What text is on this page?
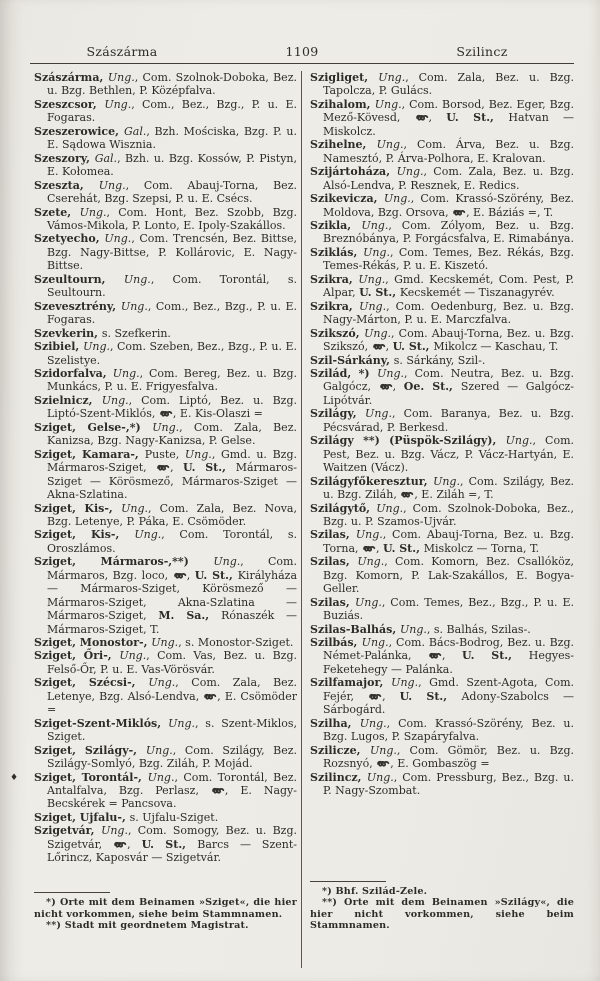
Szászárma	1109	Szilincz

Szászárma, Ung., Com. Szolnok-Doboka, Bez. u. Bzg. Bethlen, P. Középfalva.

Szeszcsor, Ung., Com., Bez., Bzg., P. u. E. Fogaras.

Szeszerowice, Gal., Bzh. Mościska, Bzg. P. u. E. Sądowa Wisznia.

Szeszory, Gal., Bzh. u. Bzg. Kossów, P. Pistyn, E. Kołomea.

Szeszta, Ung., Com. Abauj-Torna, Bez. Cserehát, Bzg. Szepsi, P. u. E. Csécs.

Szete, Ung., Com. Hont, Bez. Szobb, Bzg. Vámos-Mikola, P. Lonto, E. Ipoly-Szakállos.

Szetyecho, Ung., Com. Trencsén, Bez. Bittse, Bzg. Nagy-Bittse, P. Kollárovic, E. Nagy-Bittse.

Szeultourn, Ung., Com. Torontál, s. Seultourn.

Szevesztrény, Ung., Com., Bez., Bzg., P. u. E. Fogaras.

Szevkerin, s. Szefkerin.

Szibiel, Ung., Com. Szeben, Bez., Bzg., P. u. E. Szelistye.

Szidorfalva, Ung., Com. Bereg, Bez. u. Bzg. Munkács, P. u. E. Frigyesfalva.

Szielnicz, Ung., Com. Liptó, Bez. u. Bzg. Liptó-Szent-Miklós, , E. Kis-Olaszi =

Sziget, Gelse-,*) Ung., Com. Zala, Bez. Kanizsa, Bzg. Nagy-Kanizsa, P. Gelse.

Sziget, Kamara-, Puste, Ung., Gmd. u. Bzg. Mármaros-Sziget, , U. St., Mármaros-Sziget — Körösmező, Mármaros-Sziget — Akna-Szlatina.

Sziget, Kis-, Ung., Com. Zala, Bez. Nova, Bzg. Letenye, P. Páka, E. Csömöder.

Sziget, Kis-, Ung., Com. Torontál, s. Oroszlámos.

Sziget, Mármaros-,**) Ung., Com. Mármaros, Bzg. loco, , U. St., Királyháza — Mármaros-Sziget, Körösmező — Mármaros-Sziget, Akna-Szlatina — Mármaros-Sziget, M. Sa., Rónaszék — Mármaros-Sziget, T.

Sziget, Monostor-, Ung., s. Monostor-Sziget.

Sziget, Őri-, Ung., Com. Vas, Bez. u. Bzg. Felső-Őr, P. u. E. Vas-Vörösvár.

Sziget, Szécsi-, Ung., Com. Zala, Bez. Letenye, Bzg. Alsó-Lendva, , E. Csömöder =

Sziget-Szent-Miklós, Ung., s. Szent-Miklos, Sziget.

Sziget, Szilágy-, Ung., Com. Szilágy, Bez. Szilágy-Somlyó, Bzg. Ziláh, P. Mojád.

♦ Sziget, Torontál-, Ung., Com. Torontál, Bez. Antalfalva, Bzg. Perlasz, , E. Nagy-Becskérek = Pancsova.

Sziget, Ujfalu-, s. Ujfalu-Sziget.

Szigetvár, Ung., Com. Somogy, Bez. u. Bzg. Szigetvár, , U. St., Barcs — Szent-Lőrincz, Kaposvár — Szigetvár.

*) Orte mit dem Beinamen »Sziget«, die hier nicht vorkommen, siehe beim Stammnamen.

**) Stadt mit geordnetem Magistrat.

Szigliget, Ung., Com. Zala, Bez. u. Bzg. Tapolcza, P. Gulács.

Szihalom, Ung., Com. Borsod, Bez. Eger, Bzg. Mező-Kövesd, , U. St., Hatvan — Miskolcz.

Szihelne, Ung., Com. Árva, Bez. u. Bzg. Namesztó, P. Árva-Polhora, E. Kralovan.

Szijártoháza, Ung., Com. Zala, Bez. u. Bzg. Alsó-Lendva, P. Resznek, E. Redics.

Szikevicza, Ung., Com. Krassó-Szörény, Bez. Moldova, Bzg. Orsova, , E. Báziás =, T.

Szikla, Ung., Com. Zólyom, Bez. u. Bzg. Breznóbánya, P. Forgácsfalva, E. Rimabánya.

Sziklás, Ung., Com. Temes, Bez. Rékás, Bzg. Temes-Rékás, P. u. E. Kiszetó.

Szikra, Ung., Gmd. Kecskemét, Com. Pest, P. Alpar, U. St., Kecskemét — Tiszanagyrév.

Szikra, Ung., Com. Oedenburg, Bez. u. Bzg. Nagy-Márton, P. u. E. Marczfalva.

Szikszó, Ung., Com. Abauj-Torna, Bez. u. Bzg. Szikszó, , U. St., Mikolcz — Kaschau, T.

Szil-Sárkány, s. Sárkány, Szil-.

Szilád, *) Ung., Com. Neutra, Bez. u. Bzg. Galgócz, , Oe. St., Szered — Galgócz-Lipótvár.

Szilágy, Ung., Com. Baranya, Bez. u. Bzg. Pécsvárad, P. Berkesd.

Szilágy **) (Püspök-Szilágy), Ung., Com. Pest, Bez. u. Bzg. Vácz, P. Vácz-Hartyán, E. Waitzen (Vácz).

Szilágyfőkeresztur, Ung., Com. Szilágy, Bez. u. Bzg. Ziláh, , E. Ziláh =, T.

Szilágytő, Ung., Com. Szolnok-Doboka, Bez., Bzg. u. P. Szamos-Ujvár.

Szilas, Ung., Com. Abauj-Torna, Bez. u. Bzg. Torna, , U. St., Miskolcz — Torna, T.

Szilas, Ung., Com. Komorn, Bez. Csallóköz, Bzg. Komorn, P. Lak-Szakállos, E. Bogya-Geller.

Szilas, Ung., Com. Temes, Bez., Bzg., P. u. E. Buziás.

Szilas-Balhás, Ung., s. Balhás, Szilas-.

Szilbás, Ung., Com. Bács-Bodrog, Bez. u. Bzg. Német-Palánka, , U. St., Hegyes-Feketehegy — Palánka.

Szilfamajor, Ung., Gmd. Szent-Agota, Com. Fejér, , U. St., Adony-Szabolcs — Sárbogárd.

Szilha, Ung., Com. Krassó-Szörény, Bez. u. Bzg. Lugos, P. Szapáryfalva.

Szilicze, Ung., Com. Gömör, Bez. u. Bzg. Rozsnyó, , E. Gombaszög =

Szilincz, Ung., Com. Pressburg, Bez., Bzg. u. P. Nagy-Szombat.

*) Bhf. Szilád-Zele.

**) Orte mit dem Beinamen »Szilágy«, die hier nicht vorkommen, siehe beim Stammnamen.
